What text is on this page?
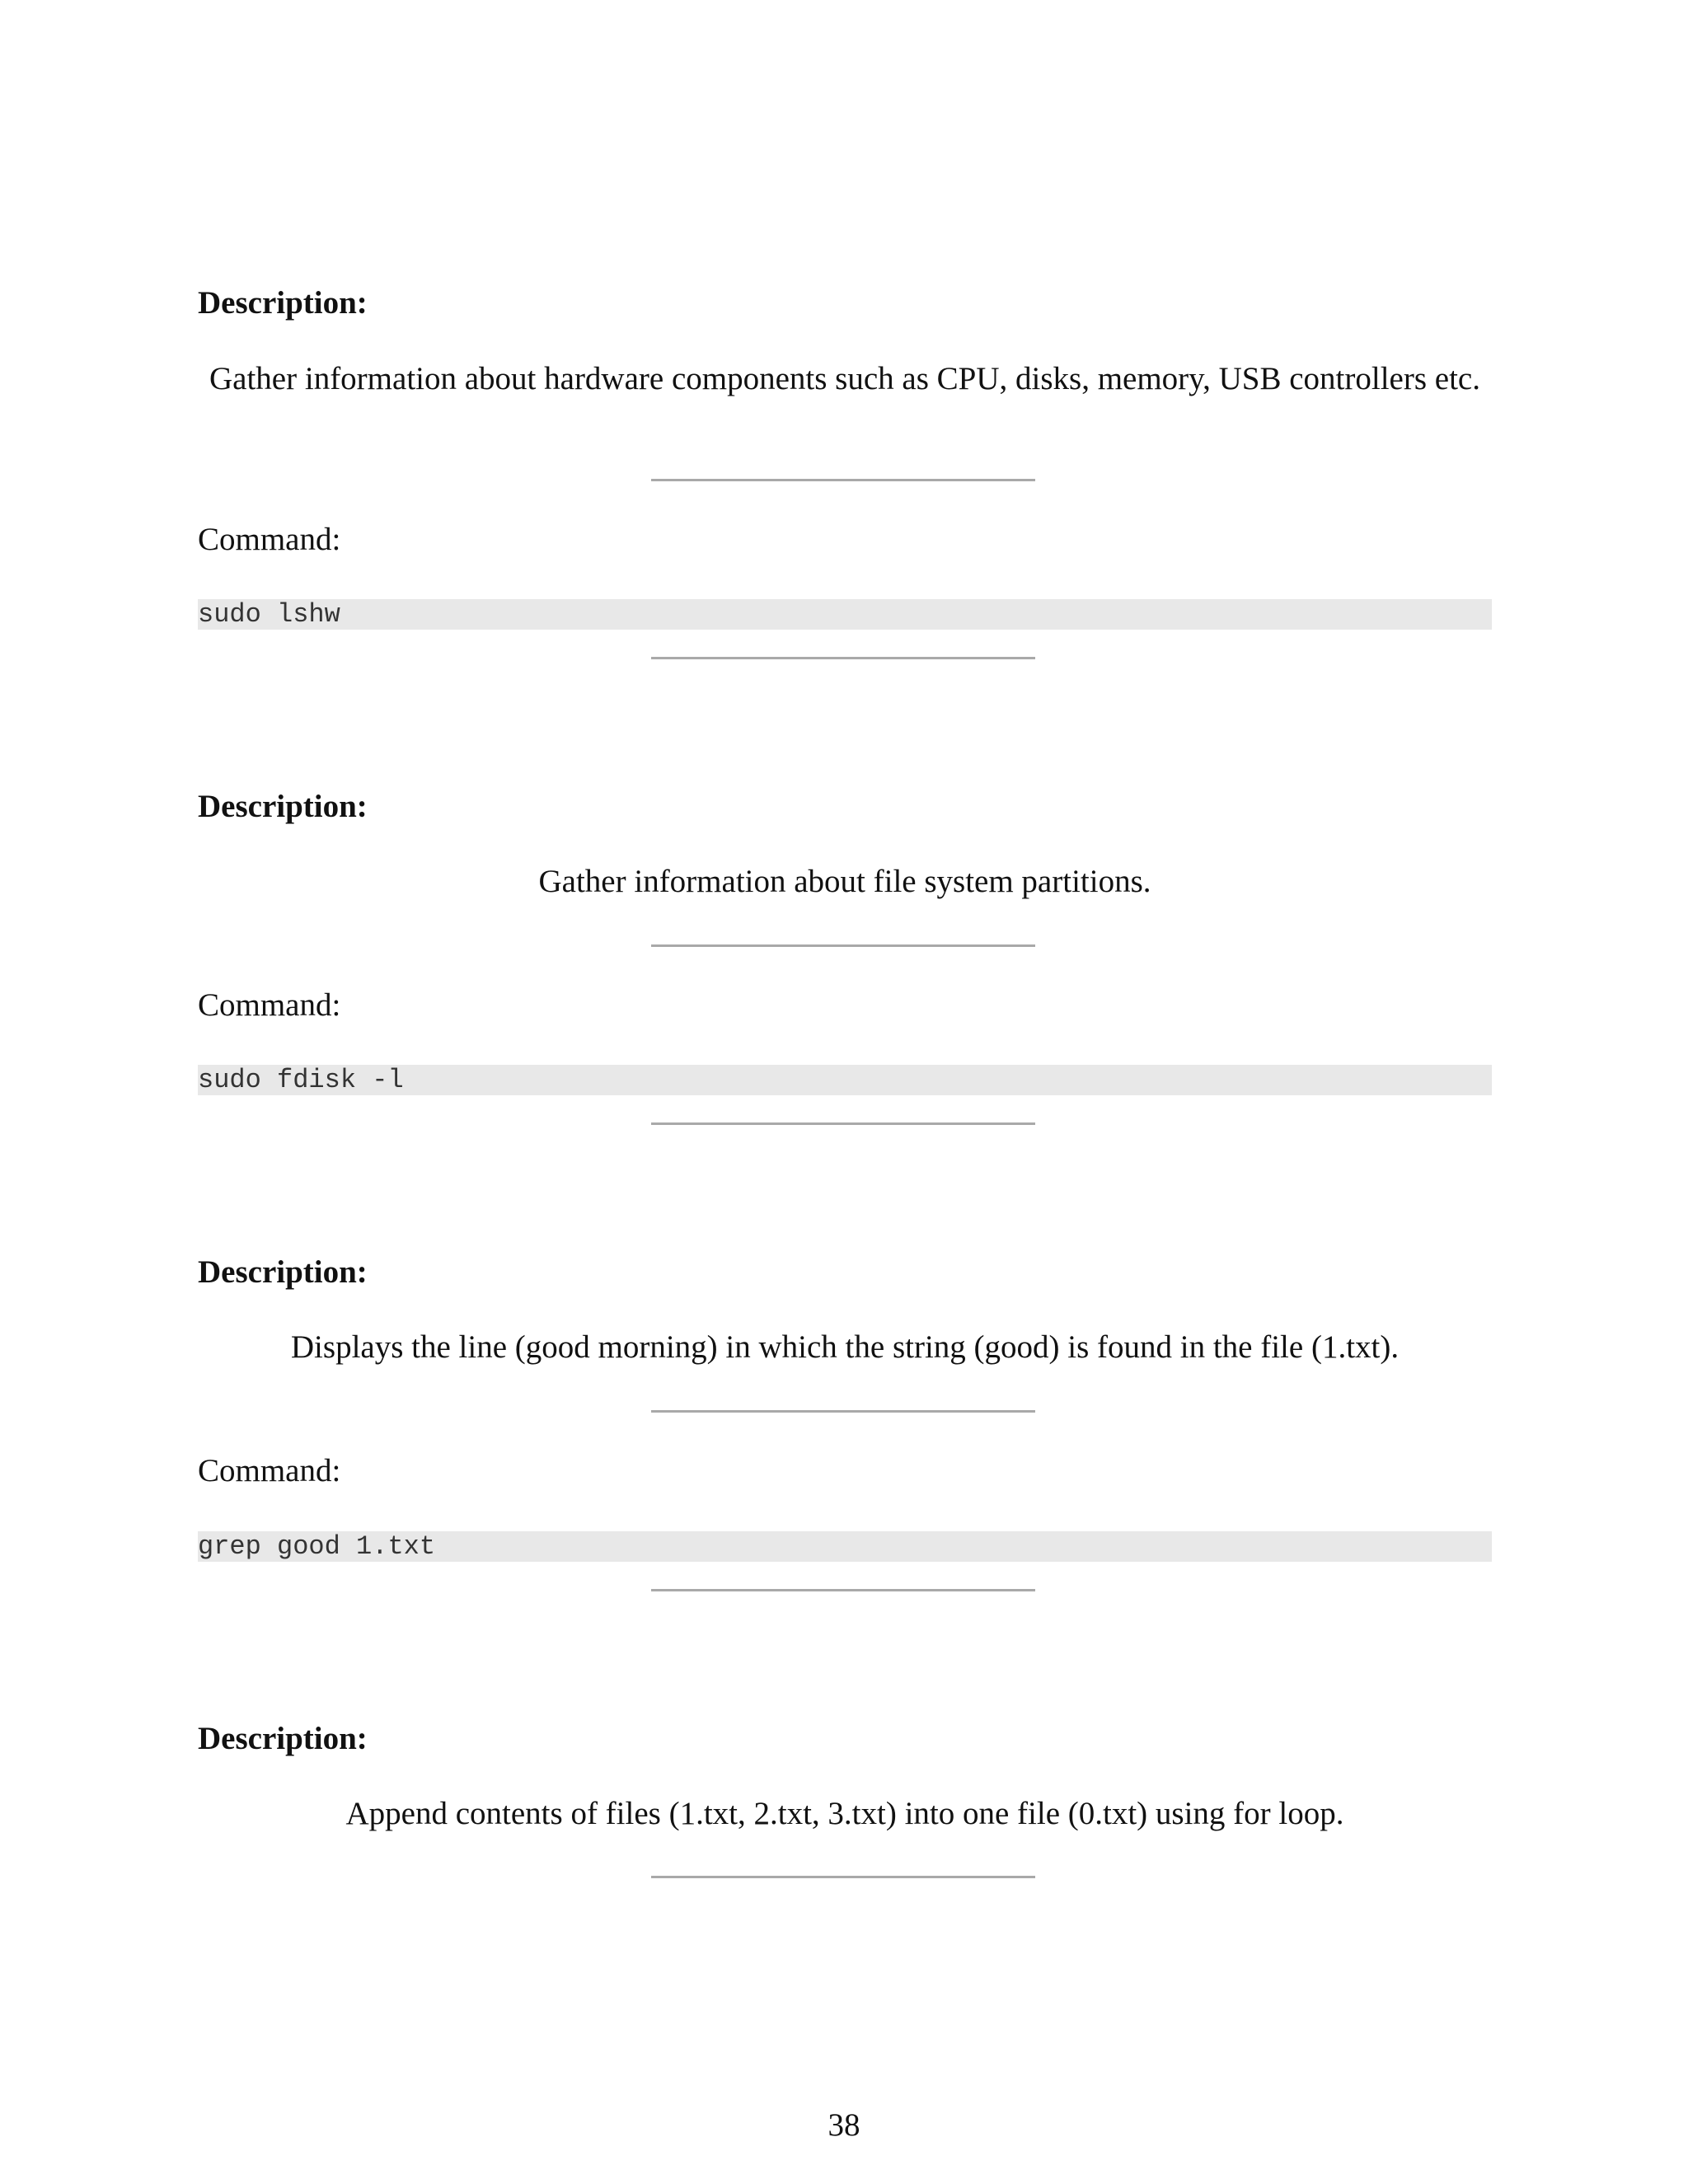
Description:

Gather information about hardware components such as CPU, disks, memory, USB controllers etc.

Command:

sudo lshw

Description:

Gather information about file system partitions.

Command:

sudo fdisk -l

Description:

Displays the line (good morning) in which the string (good) is found in the file (1.txt).

Command:

grep good 1.txt

Description:

Append contents of files (1.txt, 2.txt, 3.txt) into one file (0.txt) using for loop.

38
